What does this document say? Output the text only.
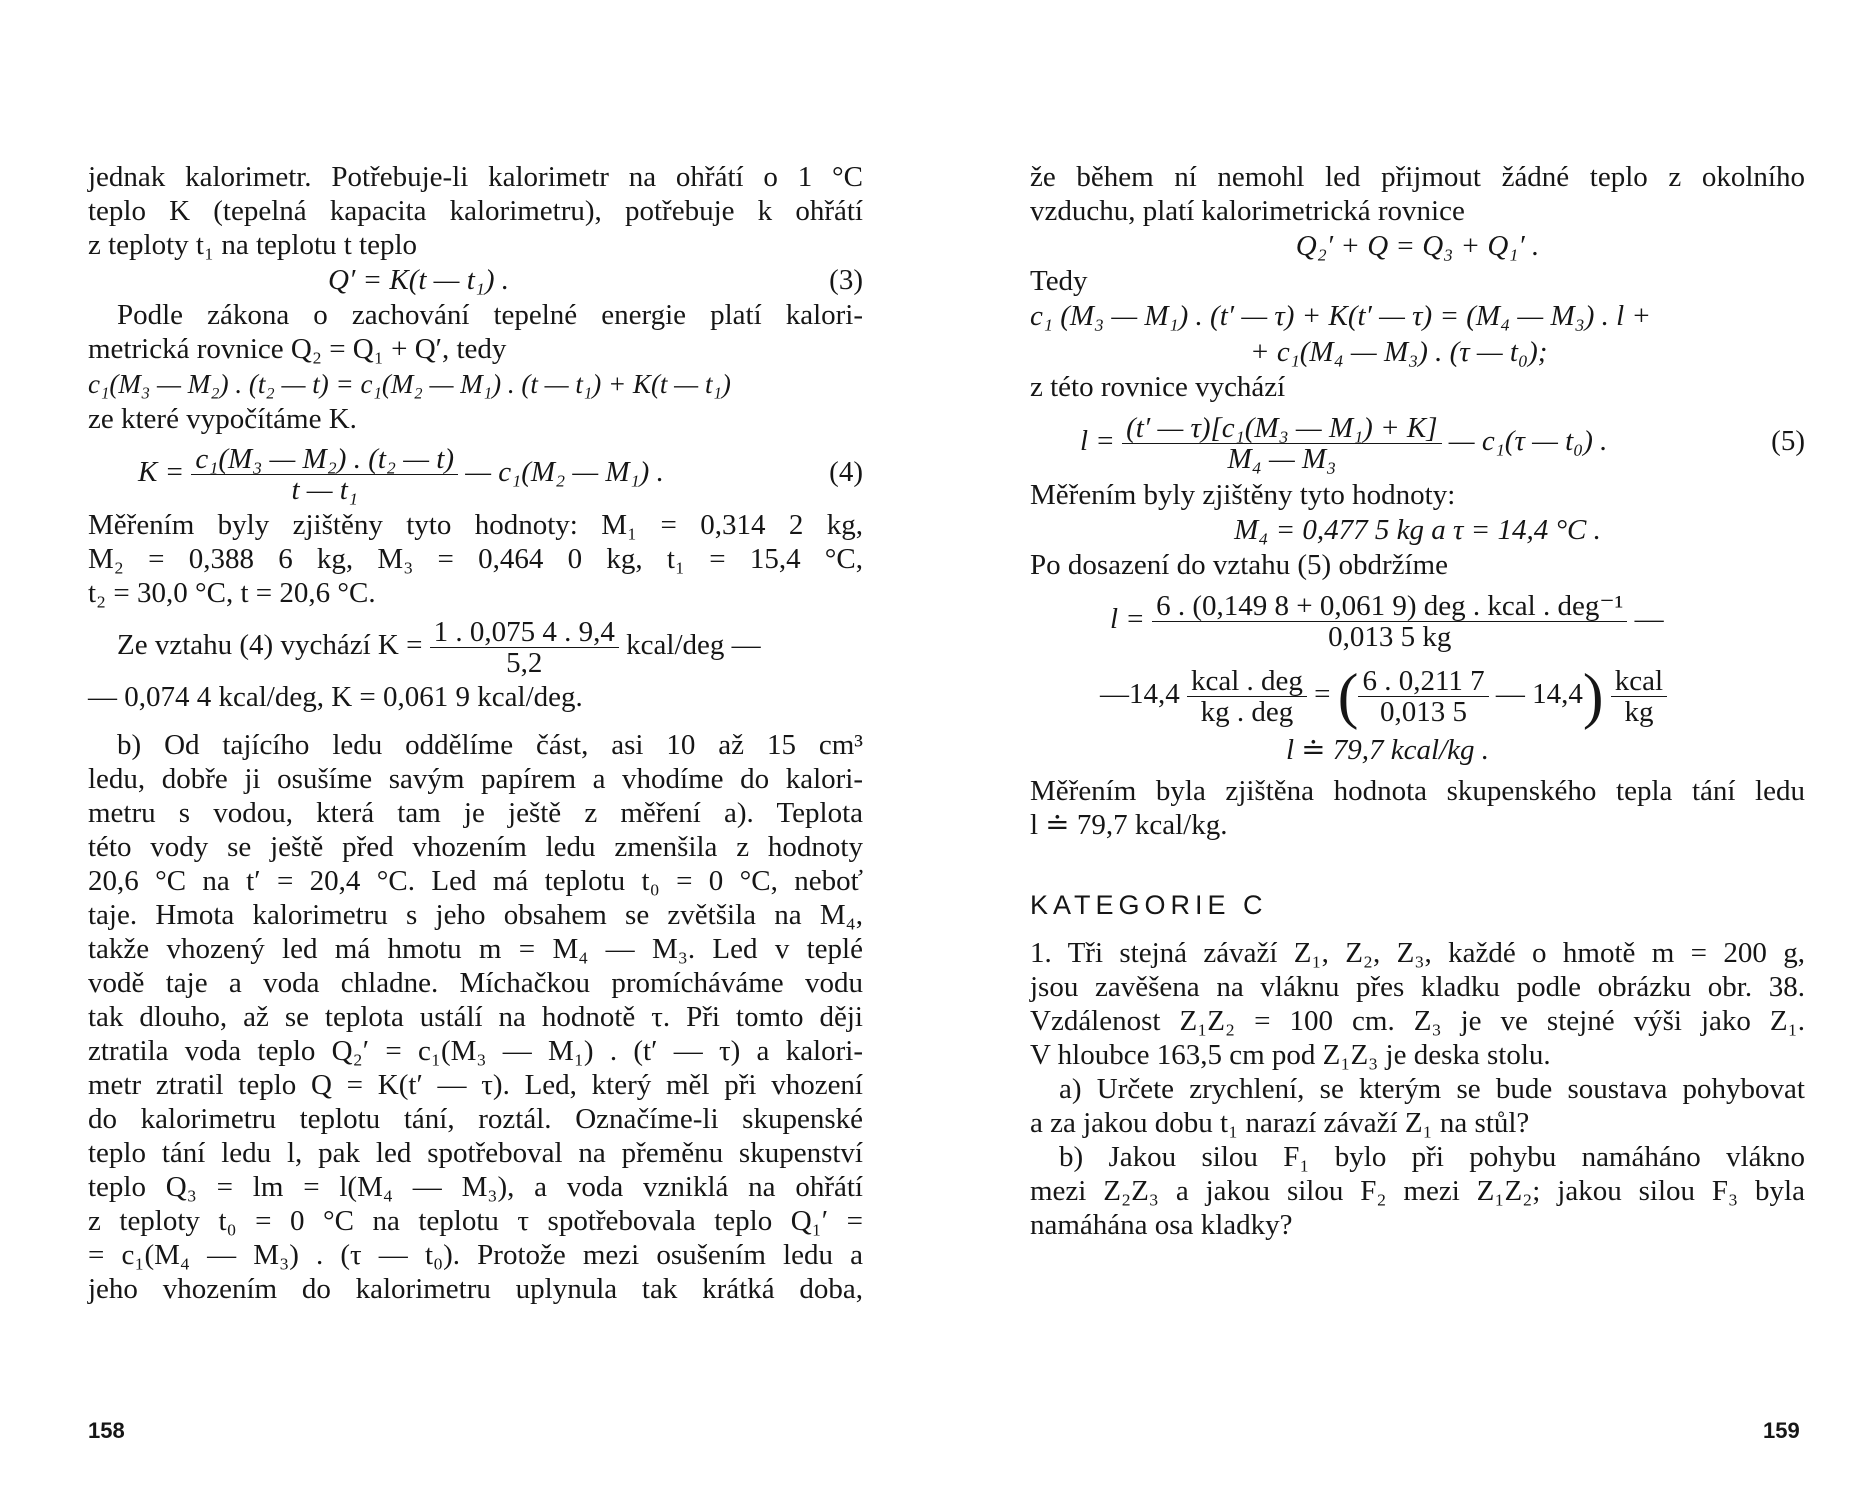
jednak kalorimetr. Potřebuje-li kalorimetr na ohřátí o 1 °C
teplo K (tepelná kapacita kalorimetru), potřebuje k ohřátí
z teploty t₁ na teplotu t teplo
Q′ = K(t — t₁) .	(3)
Podle zákona o zachování tepelné energie platí kalori-
metrická rovnice Q₂ = Q₁ + Q′, tedy
c₁(M₃ — M₂) . (t₂ — t) = c₁(M₂ — M₁) . (t — t₁) + K(t — t₁)
ze které vypočítáme K.
$K = \frac{\text{c₁(M₃ — M₂) . (t₂ — t)}}{\text{t — t₁}}$ — c₁(M₂ — M₁) .	(4)
Měřením byly zjištěny tyto hodnoty: M₁ = 0,314 2 kg,
M₂ = 0,388 6 kg, M₃ = 0,464 0 kg, t₁ = 15,4 °C,
t₂ = 30,0 °C, t = 20,6 °C.
Ze vztahu (4) vychází $K = \frac{1 . 0,075 4 . 9,4}{5,2}$ kcal/deg —
— 0,074 4 kcal/deg, K = 0,061 9 kcal/deg.
b) Od tajícího ledu oddělíme část, asi 10 až 15 cm³
ledu, dobře ji osušíme savým papírem a vhodíme do kalori-
metru s vodou, která tam je ještě z měření a). Teplota
této vody se ještě před vhozením ledu zmenšila z hodnoty
20,6 °C na t′ = 20,4 °C. Led má teplotu t₀ = 0 °C, neboť
taje. Hmota kalorimetru s jeho obsahem se zvětšila na M₄,
takže vhozený led má hmotu m = M₄ — M₃. Led v teplé
vodě taje a voda chladne. Míchačkou promícháváme vodu
tak dlouho, až se teplota ustálí na hodnotě τ. Při tomto ději
ztratila voda teplo Q₂′ = c₁(M₃ — M₁) . (t′ — τ) a kalori-
metr ztratil teplo Q = K(t′ — τ). Led, který měl při vhození
do kalorimetru teplotu tání, roztál. Označíme-li skupenské
teplo tání ledu l, pak led spotřeboval na přeměnu skupenství
teplo Q₃ = lm = l(M₄ — M₃), a voda vzniklá na ohřátí
z teploty t₀ = 0 °C na teplotu τ spotřebovala teplo Q₁′ =
= c₁(M₄ — M₃) . (τ — t₀). Protože mezi osušením ledu a
jeho vhozením do kalorimetru uplynula tak krátká doba,
že během ní nemohl led přijmout žádné teplo z okolního
vzduchu, platí kalorimetrická rovnice
Q₂′ + Q = Q₃ + Q₁′ .
Tedy
c₁ (M₃ — M₁) . (t′ — τ) + K(t′ — τ) = (M₄ — M₃) . l +
+ c₁(M₄ — M₃) . (τ — t₀);
z této rovnice vychází
$l = \frac{\text{(t′ — τ)[c₁(M₃ — M₁) + K]}}{\text{M₄ — M₃}}$ — c₁(τ — t₀) .	(5)
Měřením byly zjištěny tyto hodnoty:
M₄ = 0,477 5 kg a τ = 14,4 °C .
Po dosazení do vztahu (5) obdržíme
$l = \frac{\text{6 . (0,149 8 + 0,061 9) deg . kcal . deg⁻¹}}{0,013 5 kg}$ —
—14,4 $\frac{\text{kcal . deg}}{\text{kg . deg}}$ = ( $\frac{6 . 0,211 7}{0,013 5}$ — $14,4) \frac{\text{kcal}}{kg}$
l ≐ 79,7 kcal/kg .
Měřením byla zjištěna hodnota skupenského tepla tání ledu
l ≐ 79,7 kcal/kg.
KATEGORIE C
1. Tři stejná závaží Z₁, Z₂, Z₃, každé o hmotě m = 200 g,
jsou zavěšena na vláknu přes kladku podle obrázku obr. 38.
Vzdálenost Z₁Z₂ = 100 cm. Z₃ je ve stejné výši jako Z₁.
V hloubce 163,5 cm pod Z₁Z₃ je deska stolu.
a) Určete zrychlení, se kterým se bude soustava pohybovat
a za jakou dobu t₁ narazí závaží Z₁ na stůl?
b) Jakou silou F₁ bylo při pohybu namáháno vlákno
mezi Z₂Z₃ a jakou silou F₂ mezi Z₁Z₂; jakou silou F₃ byla
namáhána osa kladky?
158	159
